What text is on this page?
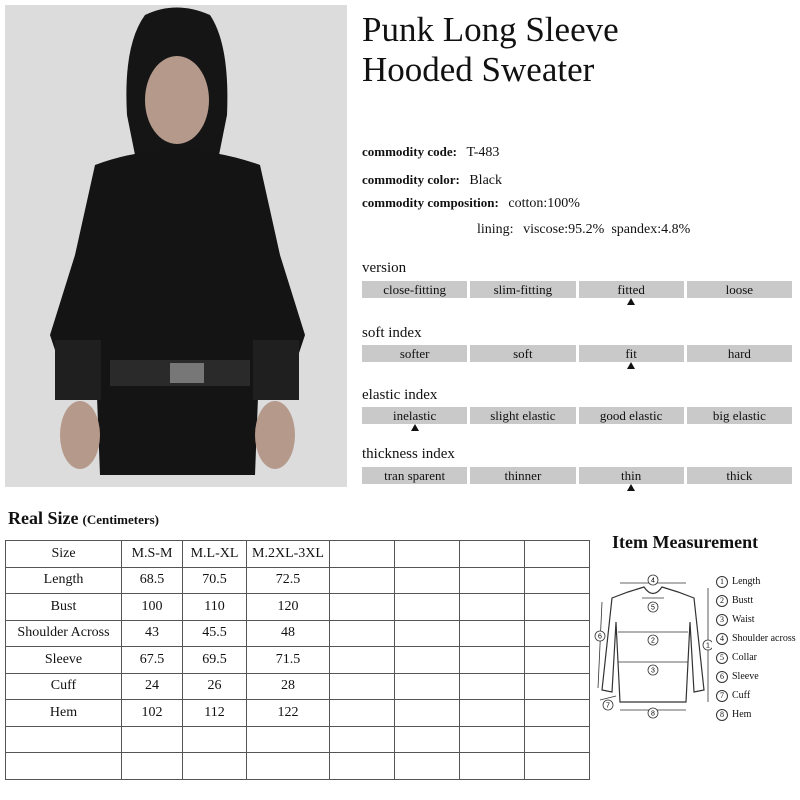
Punk Long Sleeve
Hooded Sweater
commodity code: T-483
commodity color: Black
commodity composition: cotton:100%
lining: viscose:95.2%  spandex:4.8%
version
close-fitting	slim-fitting	fitted	loose
soft index
softer	soft	fit	hard
elastic index
inelastic	slight elastic	good elastic	big elastic
thickness index
tran sparent	thinner	thin	thick
Real Size (Centimeters)
Size	M.S-M	M.L-XL	M.2XL-3XL				
Length	68.5	70.5	72.5				
Bust	100	110	120				
Shoulder Across	43	45.5	48				
Sleeve	67.5	69.5	71.5				
Cuff	24	26	28				
Hem	102	112	122				

Item Measurement
4
5
2
1
3
6
7
8
1 Length
2 Bustt
3 Waist
4 Shoulder across
5 Collar
6 Sleeve
7 Cuff
8 Hem
